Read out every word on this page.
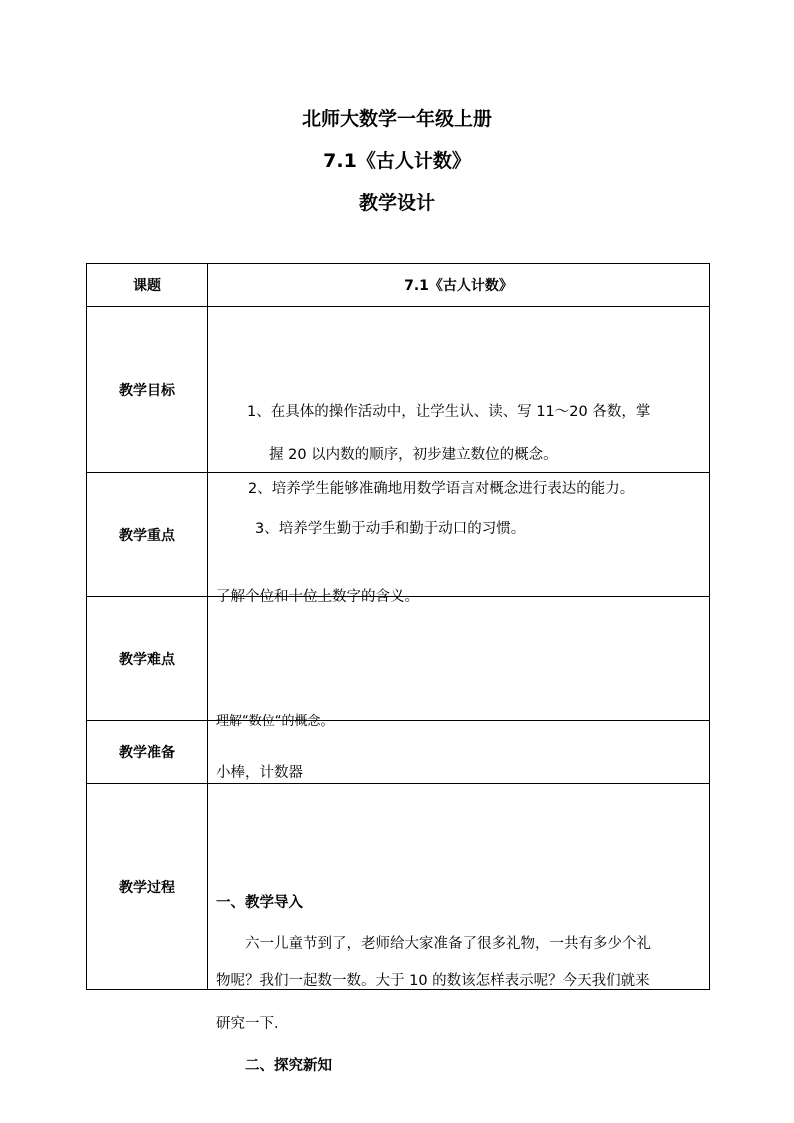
北师大数学一年级上册
7.1《古人计数》
教学设计
课题	7.1《古人计数》
教学目标	1、在具体的操作活动中，让学生认、读、写 11～20 各数，掌
握 20 以内数的顺序，初步建立数位的概念。
2、培养学生能够准确地用数学语言对概念进行表达的能力。
3、培养学生勤于动手和勤于动口的习惯。

教学重点	了解个位和十位上数字的含义。

教学难点	理解“数位“的概念。

教学准备	小棒，计数器

教学过程	一、教学导入
六一儿童节到了，老师给大家准备了很多礼物，一共有多少个礼
物呢？我们一起数一数。大于 10 的数该怎样表示呢？今天我们就来
研究一下．
二、探究新知
